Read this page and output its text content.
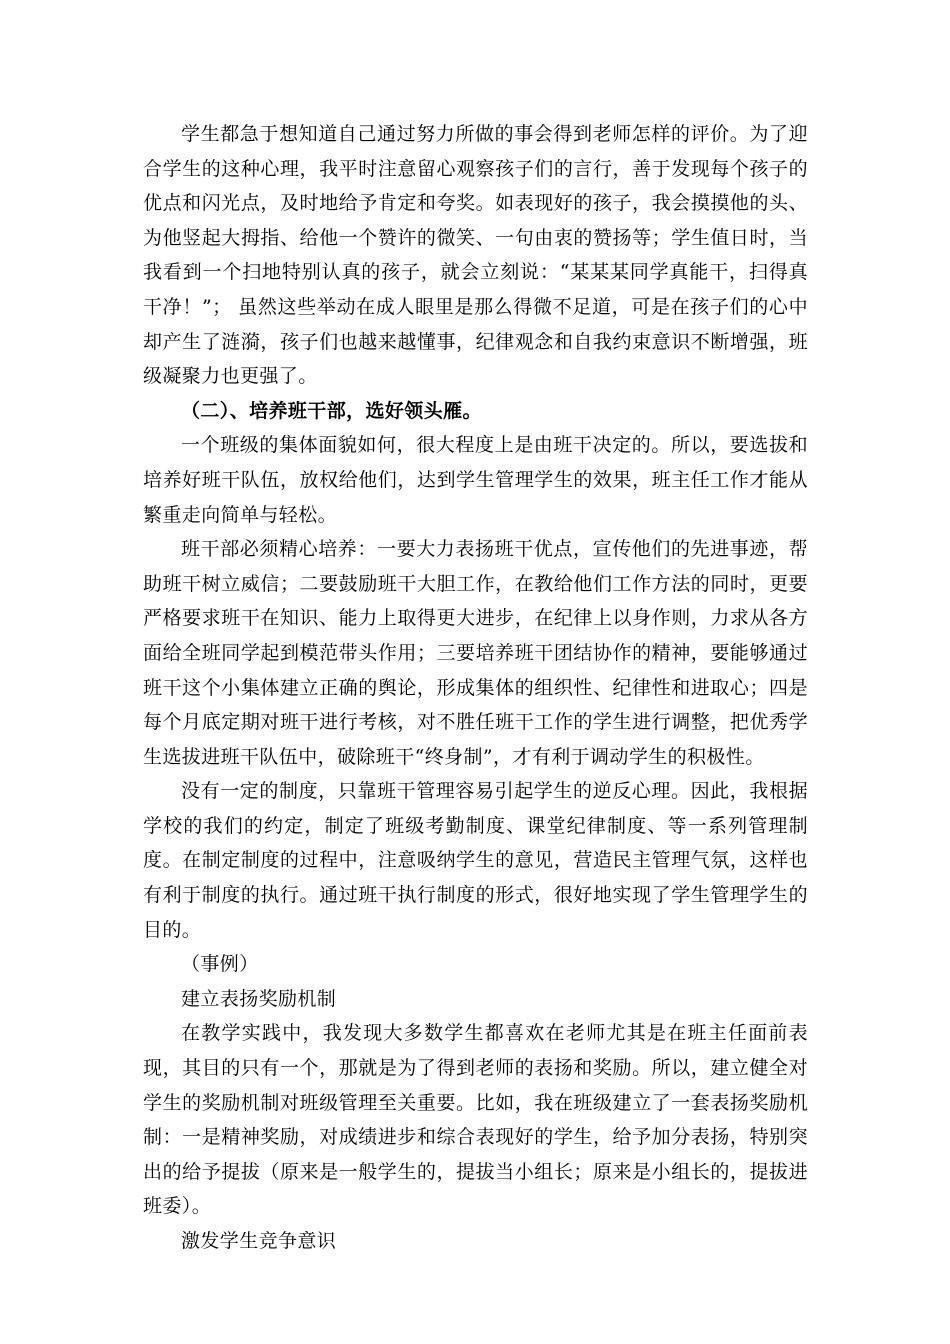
学生都急于想知道自己通过努力所做的事会得到老师怎样的评价。为了迎合学生的这种心理，我平时注意留心观察孩子们的言行，善于发现每个孩子的优点和闪光点，及时地给予肯定和夸奖。如表现好的孩子，我会摸摸他的头、为他竖起大拇指、给他一个赞许的微笑、一句由衷的赞扬等；学生值日时，当我看到一个扫地特别认真的孩子，就会立刻说：“某某某同学真能干，扫得真干净！”； 虽然这些举动在成人眼里是那么得微不足道，可是在孩子们的心中却产生了涟漪，孩子们也越来越懂事，纪律观念和自我约束意识不断增强，班级凝聚力也更强了。

（二）、培养班干部，选好领头雁。

一个班级的集体面貌如何，很大程度上是由班干决定的。所以，要选拔和培养好班干队伍，放权给他们，达到学生管理学生的效果，班主任工作才能从繁重走向简单与轻松。

班干部必须精心培养：一要大力表扬班干优点，宣传他们的先进事迹，帮助班干树立威信；二要鼓励班干大胆工作，在教给他们工作方法的同时，更要严格要求班干在知识、能力上取得更大进步，在纪律上以身作则，力求从各方面给全班同学起到模范带头作用；三要培养班干团结协作的精神，要能够通过班干这个小集体建立正确的舆论，形成集体的组织性、纪律性和进取心；四是每个月底定期对班干进行考核，对不胜任班干工作的学生进行调整，把优秀学生选拔进班干队伍中，破除班干“终身制”，才有利于调动学生的积极性。

没有一定的制度，只靠班干管理容易引起学生的逆反心理。因此，我根据学校的我们的约定，制定了班级考勤制度、课堂纪律制度、等一系列管理制度。在制定制度的过程中，注意吸纳学生的意见，营造民主管理气氛，这样也有利于制度的执行。通过班干执行制度的形式，很好地实现了学生管理学生的目的。

（事例）

建立表扬奖励机制

在教学实践中，我发现大多数学生都喜欢在老师尤其是在班主任面前表现，其目的只有一个，那就是为了得到老师的表扬和奖励。所以，建立健全对学生的奖励机制对班级管理至关重要。比如，我在班级建立了一套表扬奖励机制：一是精神奖励，对成绩进步和综合表现好的学生，给予加分表扬，特别突出的给予提拔（原来是一般学生的，提拔当小组长；原来是小组长的，提拔进班委）。

激发学生竞争意识
